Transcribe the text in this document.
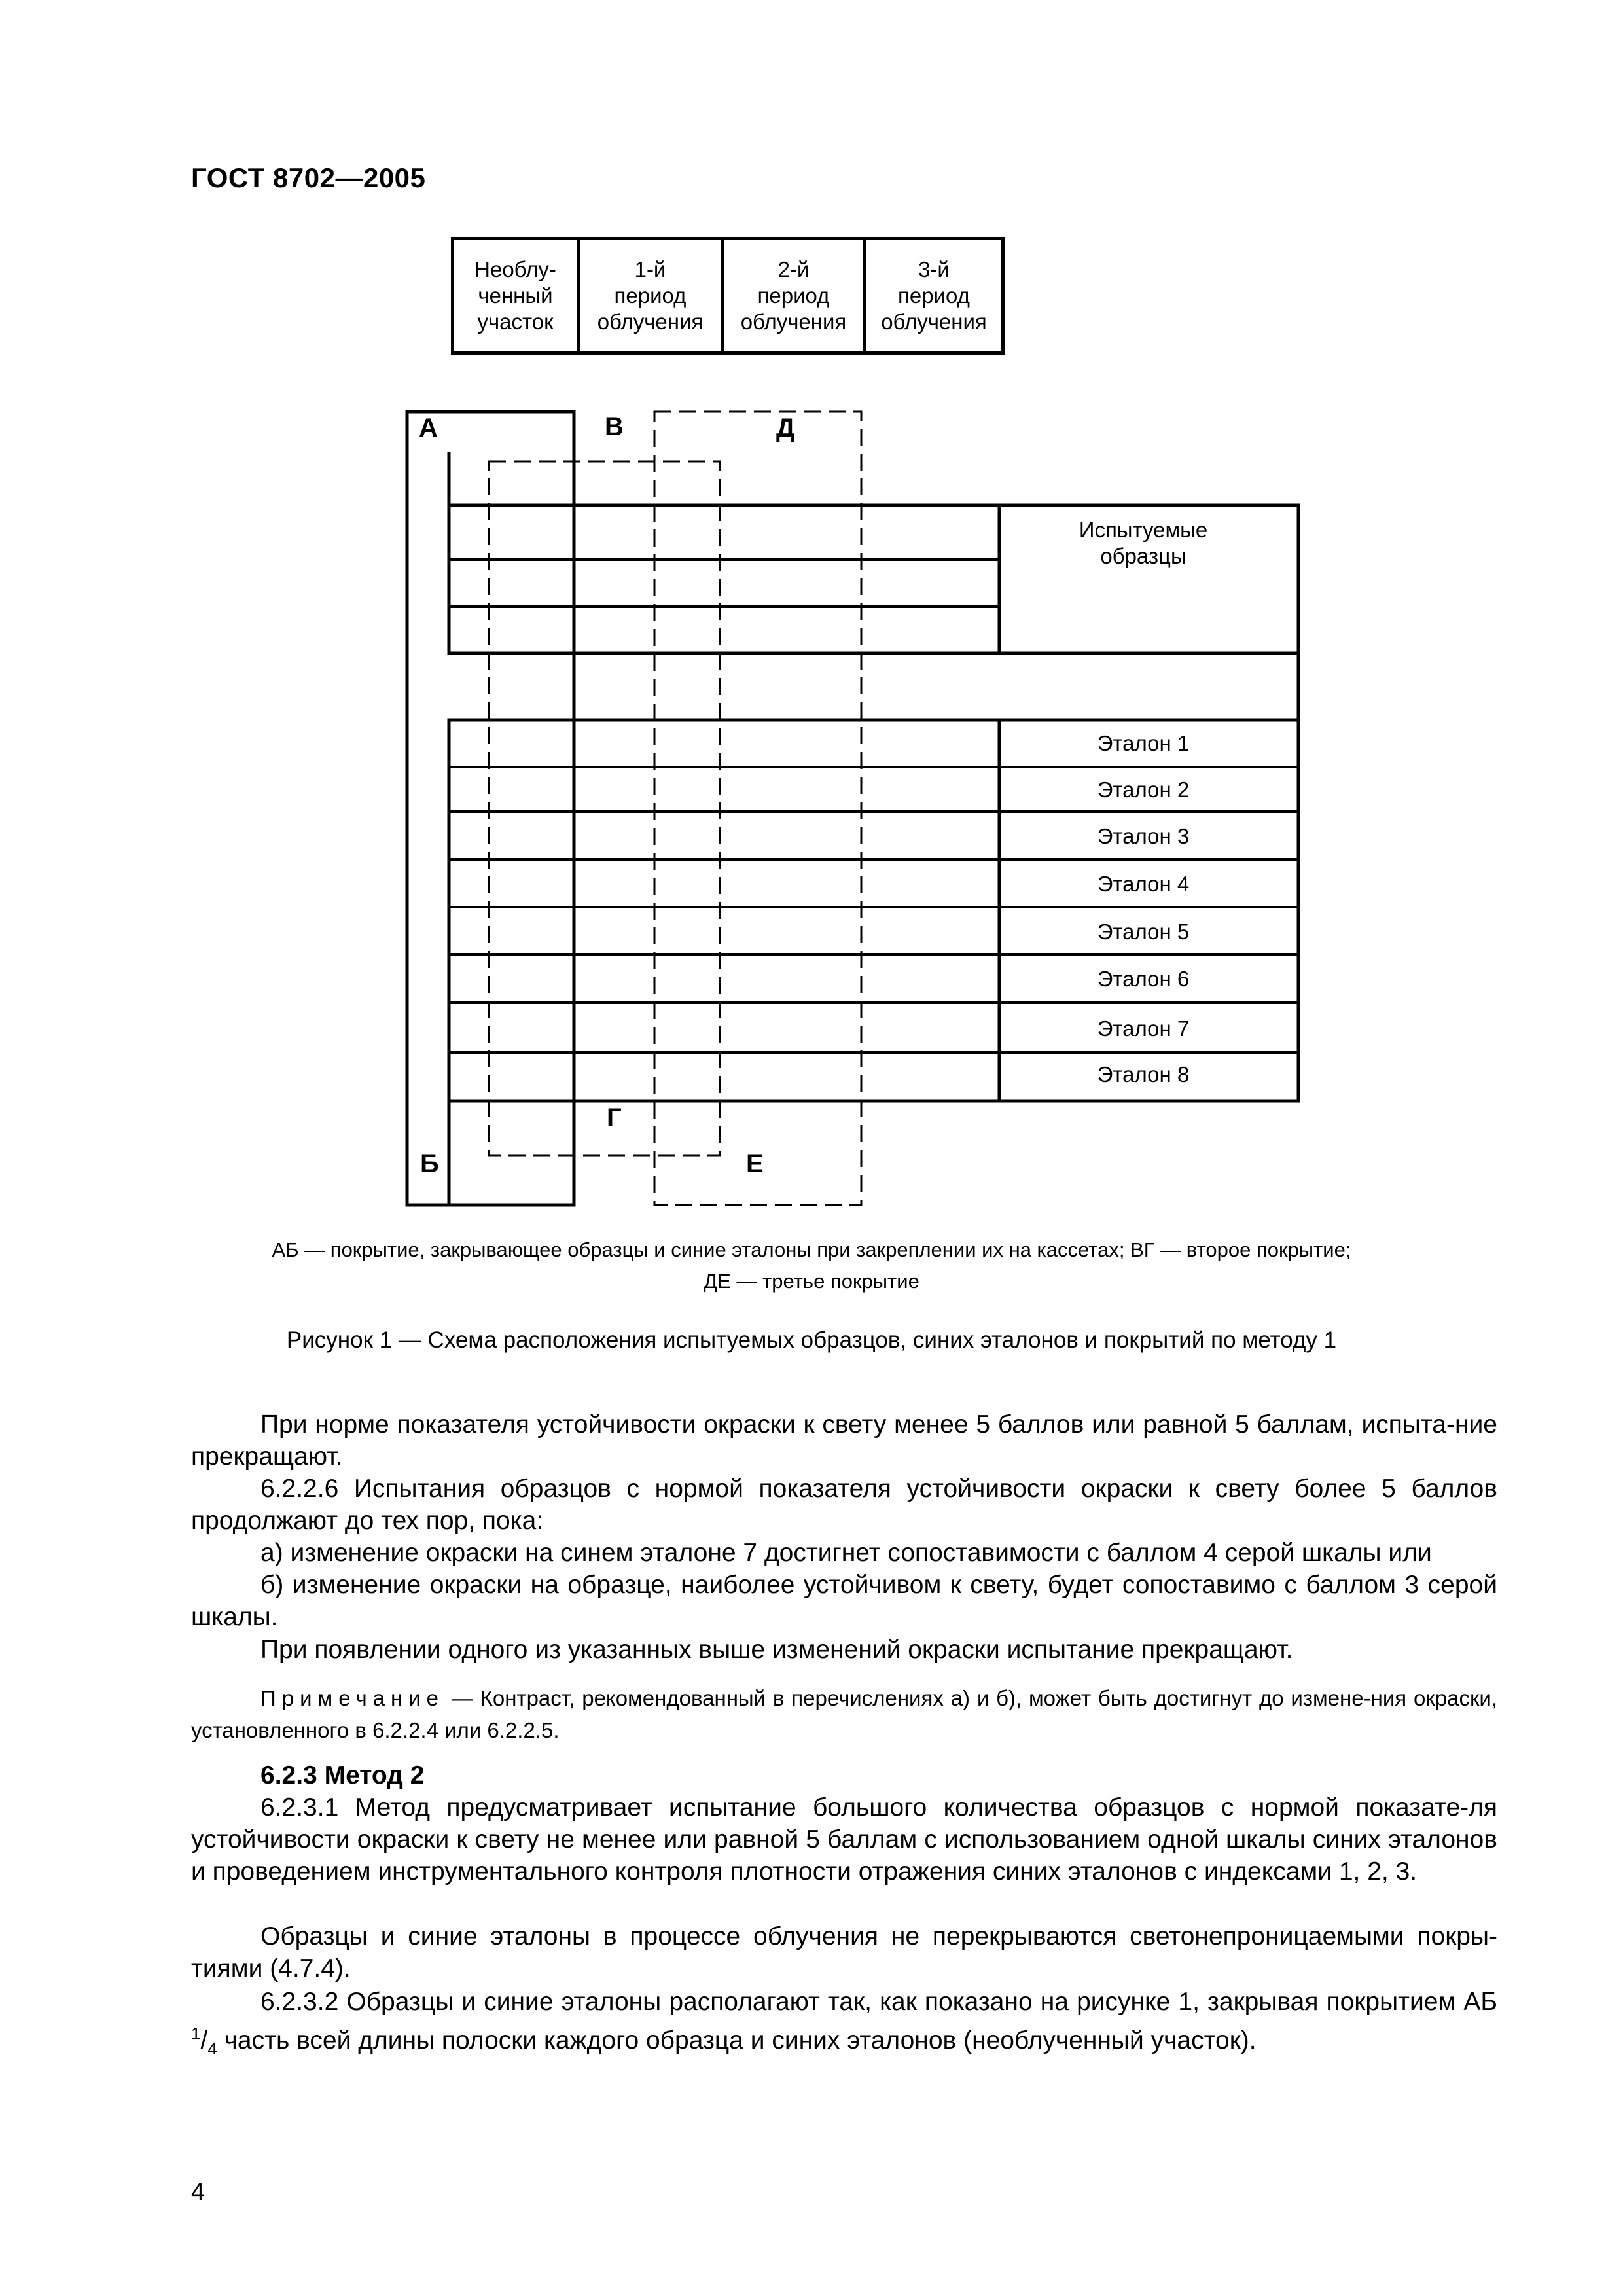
ГОСТ 8702—2005
Необлу-
ченный
участок
1-й
период
облучения
2-й
период
облучения
3-й
период
облучения
А
Б
В
Г
Д
Е
Испытуемые
образцы
Эталон 1
Эталон 2
Эталон 3
Эталон 4
Эталон 5
Эталон 6
Эталон 7
Эталон 8
АБ — покрытие, закрывающее образцы и синие эталоны при закреплении их на кассетах; ВГ — второе покрытие;
ДЕ — третье покрытие
Рисунок 1 — Схема расположения испытуемых образцов, синих эталонов и покрытий по методу 1
При норме показателя устойчивости окраски к свету менее 5 баллов или равной 5 баллам, испыта-ние прекращают.
6.2.2.6 Испытания образцов с нормой показателя устойчивости окраски к свету более 5 баллов продолжают до тех пор, пока:
а) изменение окраски на синем эталоне 7 достигнет сопоставимости с баллом 4 серой шкалы или
б) изменение окраски на образце, наиболее устойчивом к свету, будет сопоставимо с баллом 3 серой шкалы.
При появлении одного из указанных выше изменений окраски испытание прекращают.
Примечание — Контраст, рекомендованный в перечислениях а) и б), может быть достигнут до измене-ния окраски, установленного в 6.2.2.4 или 6.2.2.5.
6.2.3 Метод 2
6.2.3.1 Метод предусматривает испытание большого количества образцов с нормой показате-ля устойчивости окраски к свету не менее или равной 5 баллам с использованием одной шкалы синих эталонов и проведением инструментального контроля плотности отражения синих эталонов с индексами 1, 2, 3.
Образцы и синие эталоны в процессе облучения не перекрываются светонепроницаемыми покры-тиями (4.7.4).
6.2.3.2 Образцы и синие эталоны располагают так, как показано на рисунке 1, закрывая покрытием АБ $^1/_4$ часть всей длины полоски каждого образца и синих эталонов (необлученный участок).
4
